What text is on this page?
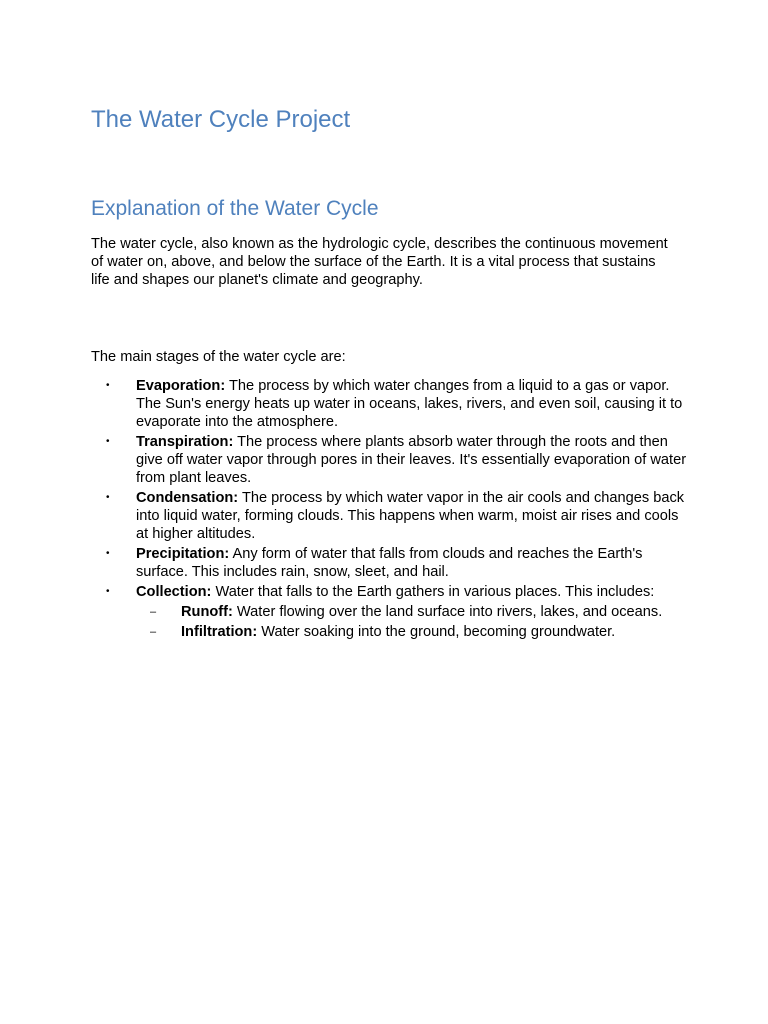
The Water Cycle Project
Explanation of the Water Cycle

The water cycle, also known as the hydrologic cycle, describes the continuous movement of water on, above, and below the surface of the Earth. It is a vital process that sustains life and shapes our planet's climate and geography.

The main stages of the water cycle are:

• Evaporation: The process by which water changes from a liquid to a gas or vapor. The Sun's energy heats up water in oceans, lakes, rivers, and even soil, causing it to evaporate into the atmosphere.
• Transpiration: The process where plants absorb water through the roots and then give off water vapor through pores in their leaves. It's essentially evaporation of water from plant leaves.
• Condensation: The process by which water vapor in the air cools and changes back into liquid water, forming clouds. This happens when warm, moist air rises and cools at higher altitudes.
• Precipitation: Any form of water that falls from clouds and reaches the Earth's surface. This includes rain, snow, sleet, and hail.
• Collection: Water that falls to the Earth gathers in various places. This includes:
– Runoff: Water flowing over the land surface into rivers, lakes, and oceans.
– Infiltration: Water soaking into the ground, becoming groundwater.
